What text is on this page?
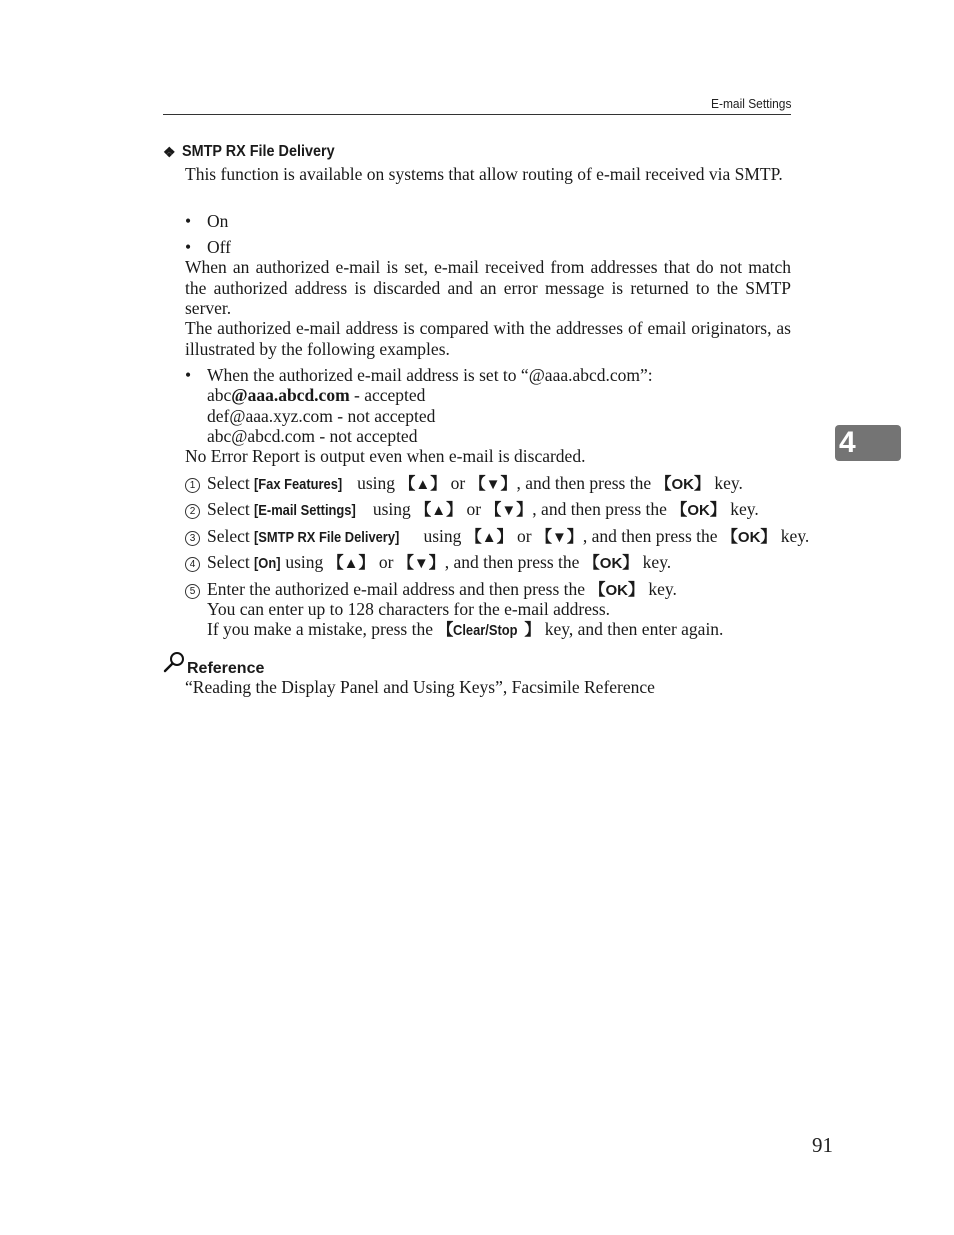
E-mail Settings
4
❖ SMTP RX File Delivery
This function is available on systems that allow routing of e-mail received via SMTP.
• On
• Off
When an authorized e-mail is set, e-mail received from addresses that do not match the authorized address is discarded and an error message is returned to the SMTP server.
The authorized e-mail address is compared with the addresses of email originators, as illustrated by the following examples.
• When the authorized e-mail address is set to “@aaa.abcd.com”:
abc@aaa.abcd.com - accepted
def@aaa.xyz.com - not accepted
abc@abcd.com - not accepted
No Error Report is output even when e-mail is discarded.
1 Select [Fax Features] using 【▲】 or 【▼】, and then press the 【OK】 key.
2 Select [E-mail Settings] using 【▲】 or 【▼】, and then press the 【OK】 key.
3 Select [SMTP RX File Delivery] using 【▲】 or 【▼】, and then press the 【OK】 key.
4 Select [On] using 【▲】 or 【▼】, and then press the 【OK】 key.
5 Enter the authorized e-mail address and then press the 【OK】 key.
You can enter up to 128 characters for the e-mail address.
If you make a mistake, press the 【Clear/Stop 】 key, and then enter again.
Reference
“Reading the Display Panel and Using Keys”, Facsimile Reference
91
